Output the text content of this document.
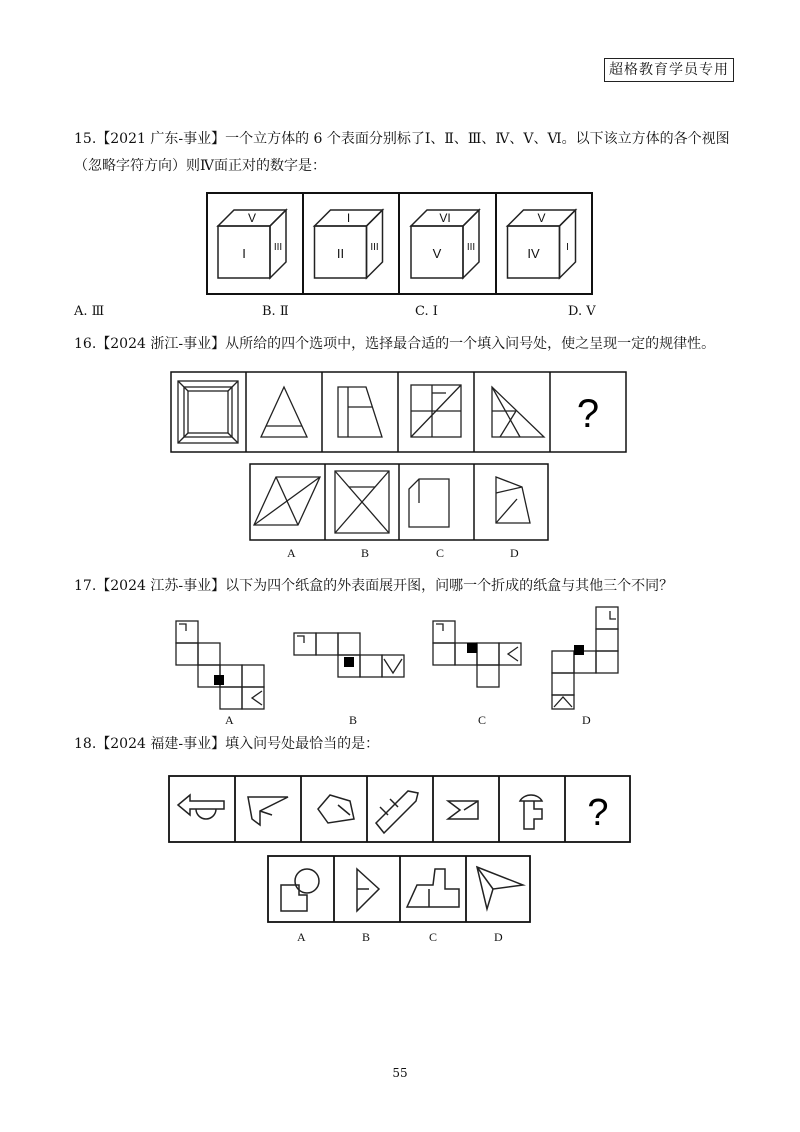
超格教育学员专用
15.【2021 广东-事业】一个立方体的 6 个表面分别标了Ⅰ、Ⅱ、Ⅲ、Ⅳ、Ⅴ、Ⅵ。以下该立方体的各个视图（忽略字符方向）则Ⅳ面正对的数字是：
V
I	III
I
II	III
VI
V	III
V
IV	I
A. Ⅲ	B. Ⅱ	C. Ⅰ	D. Ⅴ
16.【2024 浙江-事业】从所给的四个选项中，选择最合适的一个填入问号处，使之呈现一定的规律性。
?
A	B	C	D
17.【2024 江苏-事业】以下为四个纸盒的外表面展开图，问哪一个折成的纸盒与其他三个不同？
A	B	C	D
18.【2024 福建-事业】填入问号处最恰当的是：
?
A	B	C	D
55
